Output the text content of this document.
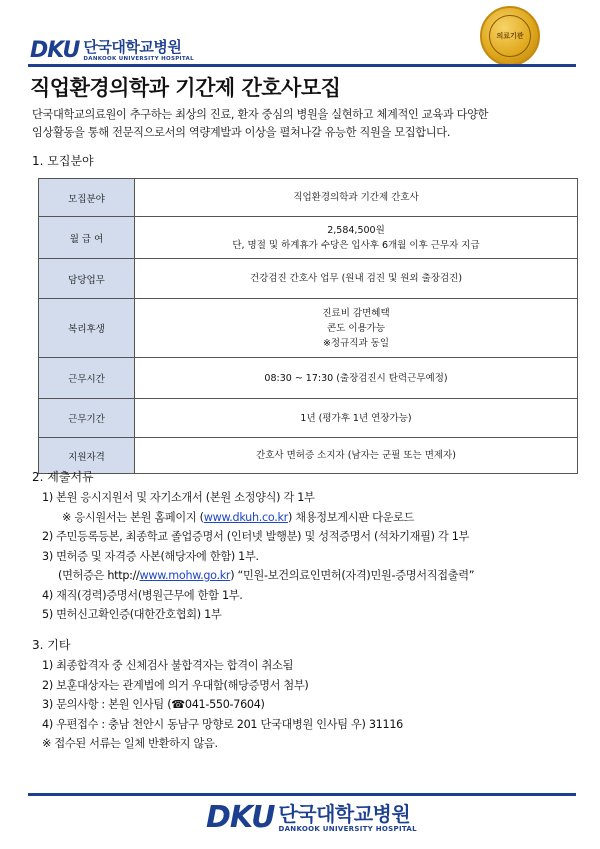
DKU 단국대학교병원
DANKOOK UNIVERSITY HOSPITAL
의료기관
직업환경의학과 기간제 간호사모집
단국대학교의료원이 추구하는 최상의 진료, 환자 중심의 병원을 실현하고 체계적인 교육과 다양한
임상활동을 통해 전문직으로서의 역량계발과 이상을 펼쳐나갈 유능한 직원을 모집합니다.
1. 모집분야
모집분야	직업환경의학과 기간제 간호사

월 급 여	2,584,500원
단, 명절 및 하계휴가 수당은 입사후 6개월 이후 근무자 지급

담당업무	건강검진 간호사 업무 (원내 검진 및 원외 출장검진)

복리후생	진료비 감면혜택
콘도 이용가능
※정규직과 동일

근무시간	08:30 ~ 17:30 (출장검진시 탄력근무예정)

근무기간	1년 (평가후 1년 연장가능)

지원자격	간호사 면허증 소지자 (남자는 군필 또는 면제자)
2. 제출서류
1) 본원 응시지원서 및 자기소개서 (본원 소정양식) 각 1부
※ 응시원서는 본원 홈페이지 (www.dkuh.co.kr) 채용정보게시판 다운로드
2) 주민등록등본, 최종학교 졸업증명서 (인터넷 발행분) 및 성적증명서 (석차기재필) 각 1부
3) 면허증 및 자격증 사본(해당자에 한함) 1부.
(면허증은 http://www.mohw.go.kr) “민원-보건의료인면허(자격)민원-증명서직접출력”
4) 재직(경력)증명서(병원근무에 한함 1부.
5) 면허신고확인증(대한간호협회) 1부
3. 기타
1) 최종합격자 중 신체검사 불합격자는 합격이 취소됨
2) 보훈대상자는 관계법에 의거 우대함(해당증명서 첨부)
3) 문의사항 : 본원 인사팀 (☎041-550-7604)
4) 우편접수 : 충남 천안시 동남구 망향로 201 단국대병원 인사팀 우) 31116
※ 접수된 서류는 일체 반환하지 않음.
DKU 단국대학교병원
DANKOOK UNIVERSITY HOSPITAL
